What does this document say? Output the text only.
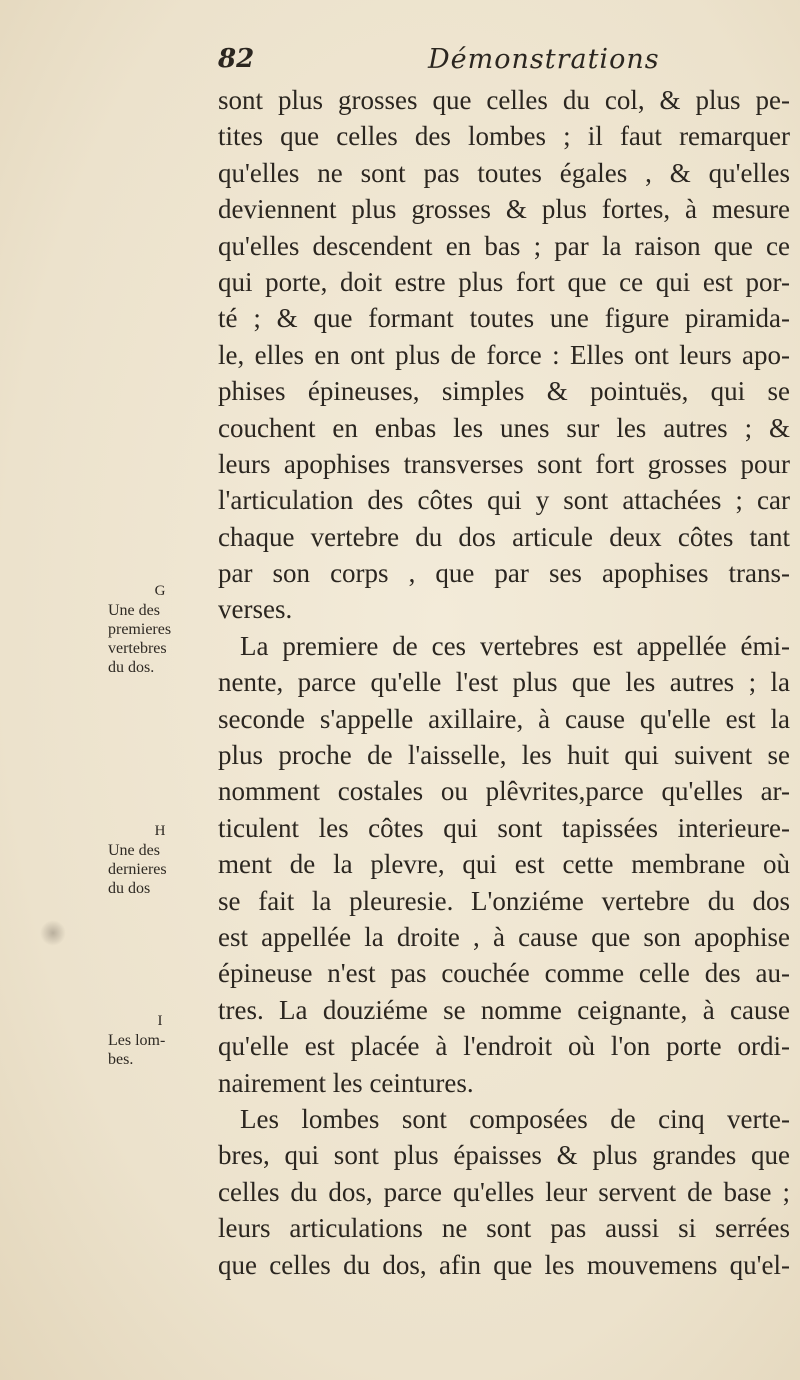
82	Démonstrations
sont plus grosses que celles du col, & plus pe-
tites que celles des lombes ; il faut remarquer
qu'elles ne sont pas toutes égales , & qu'elles
deviennent plus grosses & plus fortes, à mesure
qu'elles descendent en bas ; par la raison que ce
qui porte, doit estre plus fort que ce qui est por-
té ; & que formant toutes une figure piramida-
le, elles en ont plus de force : Elles ont leurs apo-
phises épineuses, simples & pointuës, qui se
couchent en enbas les unes sur les autres ; &
leurs apophises transverses sont fort grosses pour
l'articulation des côtes qui y sont attachées ; car
chaque vertebre du dos articule deux côtes tant
par son corps , que par ses apophises trans-
verses.
La premiere de ces vertebres est appellée émi-
nente, parce qu'elle l'est plus que les autres ; la
seconde s'appelle axillaire, à cause qu'elle est la
plus proche de l'aisselle, les huit qui suivent se
nomment costales ou plêvrites,parce qu'elles ar-
ticulent les côtes qui sont tapissées interieure-
ment de la plevre, qui est cette membrane où
se fait la pleuresie. L'onziéme vertebre du dos
est appellée la droite , à cause que son apophise
épineuse n'est pas couchée comme celle des au-
tres. La douziéme se nomme ceignante, à cause
qu'elle est placée à l'endroit où l'on porte ordi-
nairement les ceintures.
Les lombes sont composées de cinq verte-
bres, qui sont plus épaisses & plus grandes que
celles du dos, parce qu'elles leur servent de base ;
leurs articulations ne sont pas aussi si serrées
que celles du dos, afin que les mouvemens qu'el-
G
Une des
premieres
vertebres
du dos.
H
Une des
dernieres
du dos
I
Les lom-
bes.
